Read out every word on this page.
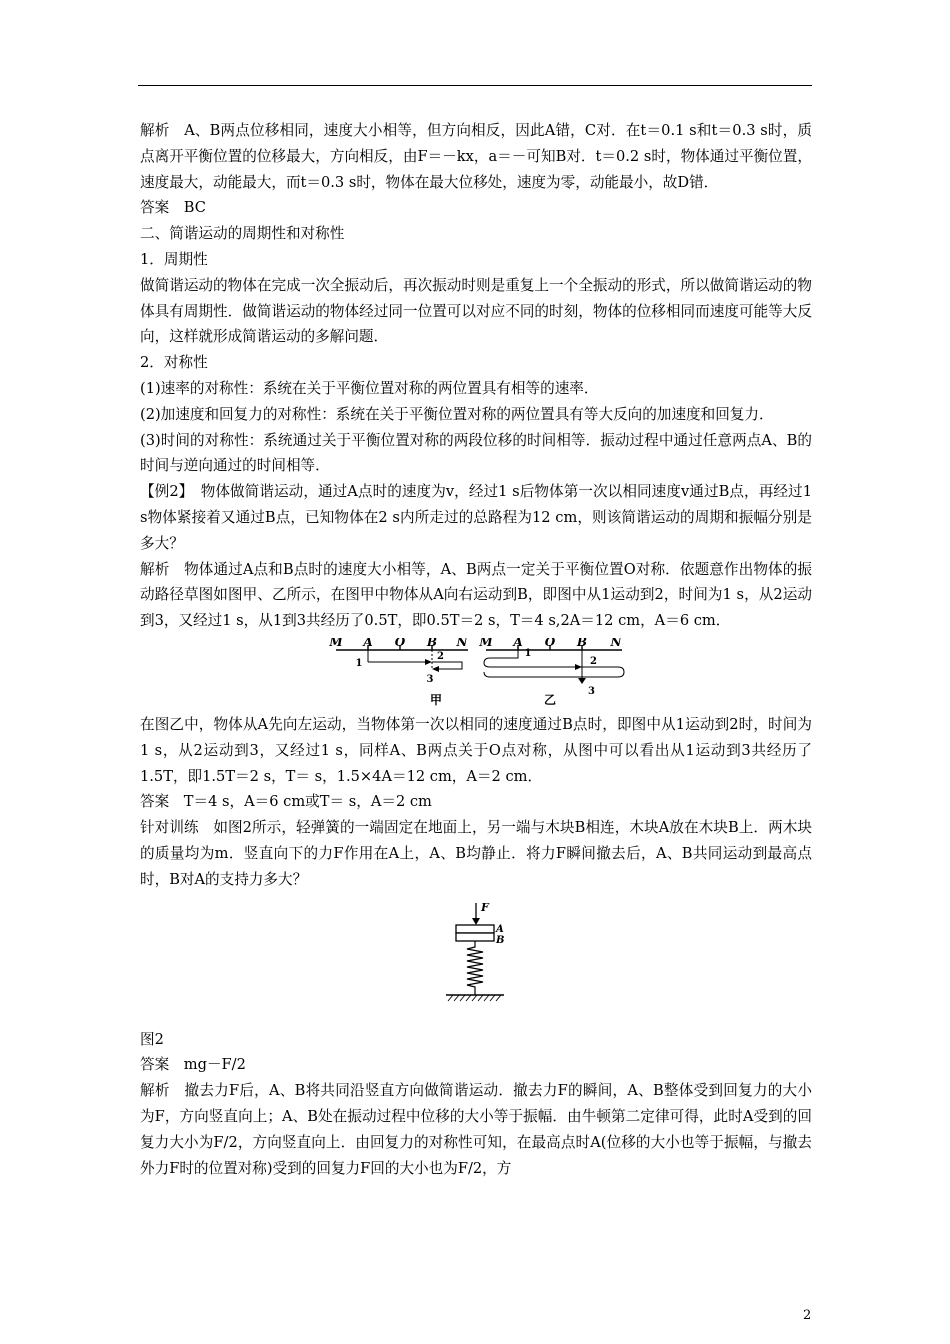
解析　A、B两点位移相同，速度大小相等，但方向相反，因此A错，C对．在t＝0.1 s和t＝0.3 s时，质点离开平衡位置的位移最大，方向相反，由F＝－kx，a＝－可知B对．t＝0.2 s时，物体通过平衡位置，速度最大，动能最大，而t＝0.3 s时，物体在最大位移处，速度为零，动能最小，故D错．

答案　BC

二、简谐运动的周期性和对称性

1．周期性

做简谐运动的物体在完成一次全振动后，再次振动时则是重复上一个全振动的形式，所以做简谐运动的物体具有周期性．做简谐运动的物体经过同一位置可以对应不同的时刻，物体的位移相同而速度可能等大反向，这样就形成简谐运动的多解问题．

2．对称性

(1)速率的对称性：系统在关于平衡位置对称的两位置具有相等的速率．

(2)加速度和回复力的对称性：系统在关于平衡位置对称的两位置具有等大反向的加速度和回复力．

(3)时间的对称性：系统通过关于平衡位置对称的两段位移的时间相等．振动过程中通过任意两点A、B的时间与逆向通过的时间相等．

【例2】　物体做简谐运动，通过A点时的速度为v，经过1 s后物体第一次以相同速度v通过B点，再经过1 s物体紧接着又通过B点，已知物体在2 s内所走过的总路程为12 cm，则该简谐运动的周期和振幅分别是多大？

解析　物体通过A点和B点时的速度大小相等，A、B两点一定关于平衡位置O对称．依题意作出物体的振动路径草图如图甲、乙所示，在图甲中物体从A向右运动到B，即图中从1运动到2，时间为1 s，从2运动到3，又经过1 s，从1到3共经历了0.5T，即0.5T＝2 s，T＝4 s,2A＝12 cm，A＝6 cm．

M A O B N
1
2
3
甲
M A O B N
1
2
3
乙

在图乙中，物体从A先向左运动，当物体第一次以相同的速度通过B点时，即图中从1运动到2时，时间为1 s，从2运动到3，又经过1 s，同样A、B两点关于O点对称，从图中可以看出从1运动到3共经历了1.5T，即1.5T＝2 s，T＝ s，1.5×4A＝12 cm，A＝2 cm．

答案　T＝4 s，A＝6 cm或T＝ s，A＝2 cm

针对训练　如图2所示，轻弹簧的一端固定在地面上，另一端与木块B相连，木块A放在木块B上．两木块的质量均为m．竖直向下的力F作用在A上，A、B均静止．将力F瞬间撤去后，A、B共同运动到最高点时，B对A的支持力多大？

F
A
B

图2

答案　mg－F/2

解析　撤去力F后，A、B将共同沿竖直方向做简谐运动．撤去力F的瞬间，A、B整体受到回复力的大小为F，方向竖直向上；A、B处在振动过程中位移的大小等于振幅．由牛顿第二定律可得，此时A受到的回复力大小为F/2，方向竖直向上．由回复力的对称性可知，在最高点时A(位移的大小也等于振幅，与撤去外力F时的位置对称)受到的回复力F回的大小也为F/2，方

2
